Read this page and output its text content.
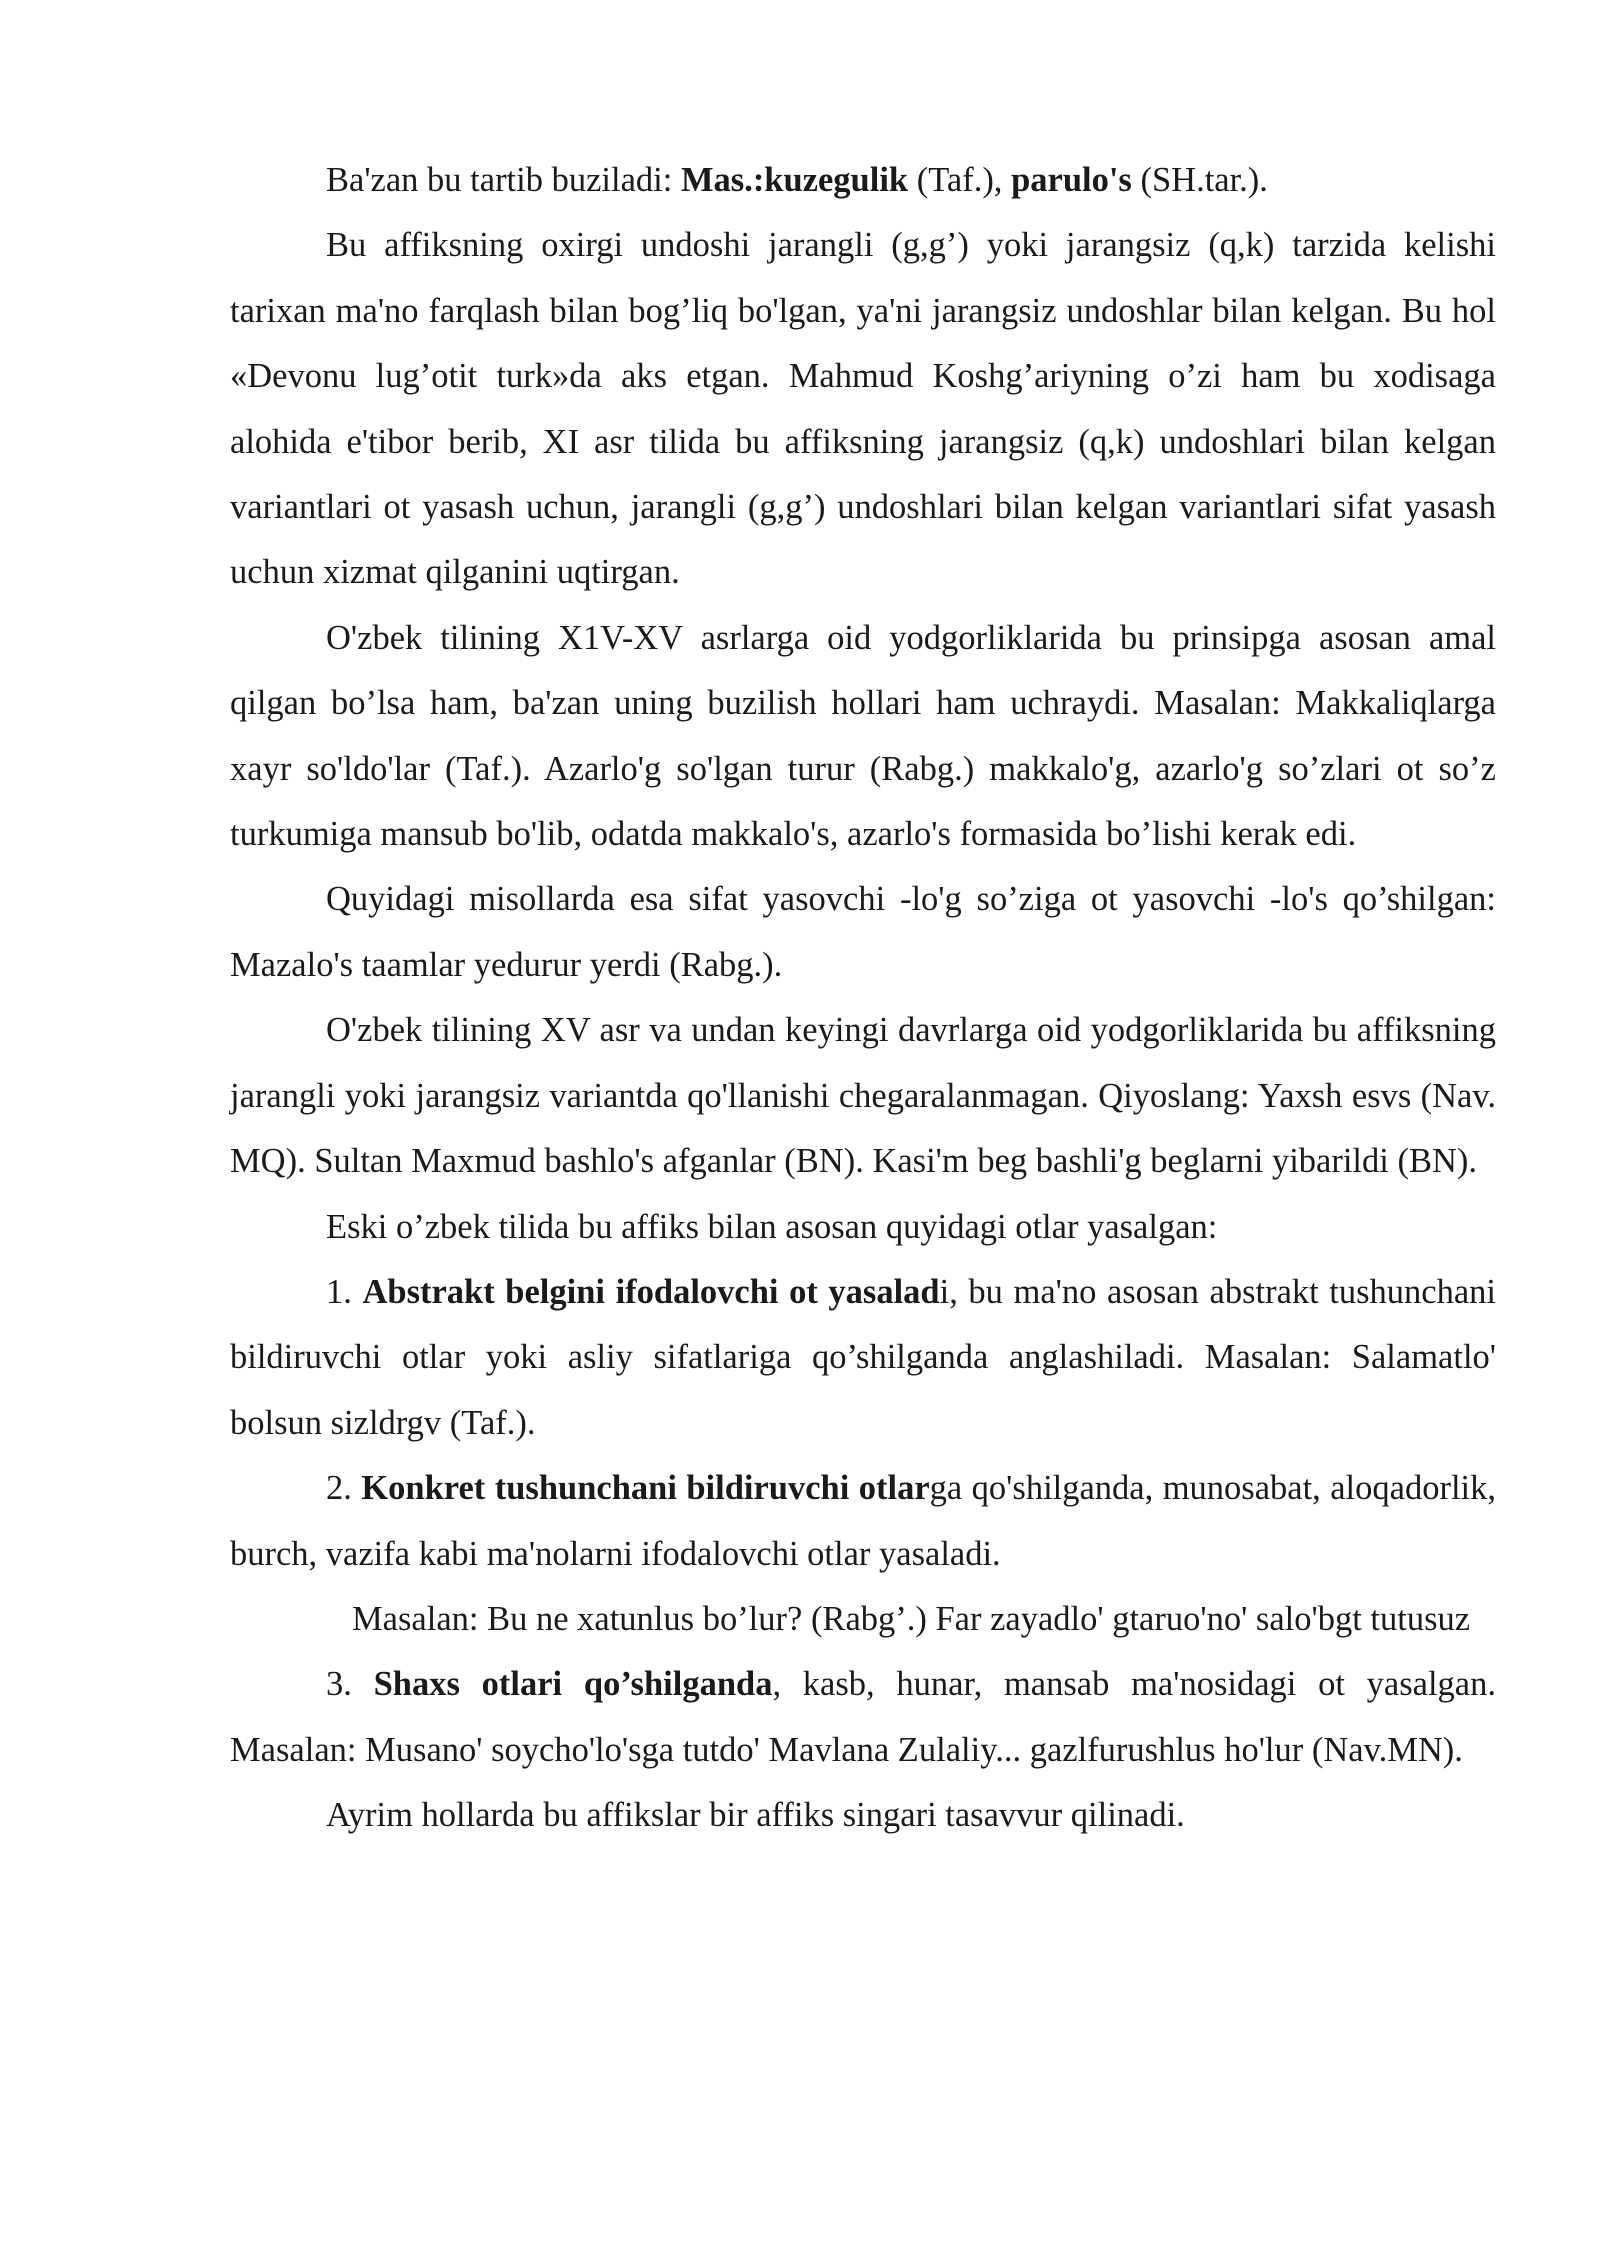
Ba'zan bu tartib buziladi: Mas.:kuzegulik (Taf.), parulo's (SH.tar.).

Bu affiksning oxirgi undoshi jarangli (g,g’) yoki jarangsiz (q,k) tarzida kelishi tarixan ma'no farqlash bilan bog’liq bo'lgan, ya'ni jarangsiz undoshlar bilan kelgan. Bu hol «Devonu lug’otit turk»da aks etgan. Mahmud Koshg’ariyning o’zi ham bu xodisaga alohida e'tibor berib, XI asr tilida bu affiksning jarangsiz (q,k) undoshlari bilan kelgan variantlari ot yasash uchun, jarangli (g,g’) undoshlari bilan kelgan variantlari sifat yasash uchun xizmat qilganini uqtirgan.

O'zbek tilining X1V-XV asrlarga oid yodgorliklarida bu prinsipga asosan amal qilgan bo’lsa ham, ba'zan uning buzilish hollari ham uchraydi. Masalan: Makkaliqlarga xayr so'ldo'lar (Taf.). Azarlo'g so'lgan turur (Rabg.) makkalo'g, azarlo'g so’zlari ot so’z turkumiga mansub bo'lib, odatda makkalo's, azarlo's formasida bo’lishi kerak edi.

Quyidagi misollarda esa sifat yasovchi -lo'g so’ziga ot yasovchi -lo's qo’shilgan: Mazalo's taamlar yedurur yerdi (Rabg.).

O'zbek tilining XV asr va undan keyingi davrlarga oid yodgorliklarida bu affiksning jarangli yoki jarangsiz variantda qo'llanishi chegaralanmagan. Qiyoslang: Yaxsh esvs (Nav. MQ). Sultan Maxmud bashlo's afganlar (BN). Kasi'm beg bashli'g beglarni yibarildi (BN).

Eski o’zbek tilida bu affiks bilan asosan quyidagi otlar yasalgan:

1. Abstrakt belgini ifodalovchi ot yasaladi, bu ma'no asosan abstrakt tushunchani bildiruvchi otlar yoki asliy sifatlariga qo’shilganda anglashiladi. Masalan: Salamatlo' bolsun sizldrgv (Taf.).

2. Konkret tushunchani bildiruvchi otlarga qo'shilganda, munosabat, aloqadorlik, burch, vazifa kabi ma'nolarni ifodalovchi otlar yasaladi.

Masalan: Bu ne xatunlus bo’lur? (Rabg’.) Far zayadlo' gtaruo'no' salo'bgt tutusuz

3. Shaxs otlari qo’shilganda, kasb, hunar, mansab ma'nosidagi ot yasalgan. Masalan: Musano' soycho'lo'sga tutdo' Mavlana Zulaliy... gazlfurushlus ho'lur (Nav.MN).

Ayrim hollarda bu affikslar bir affiks singari tasavvur qilinadi.
